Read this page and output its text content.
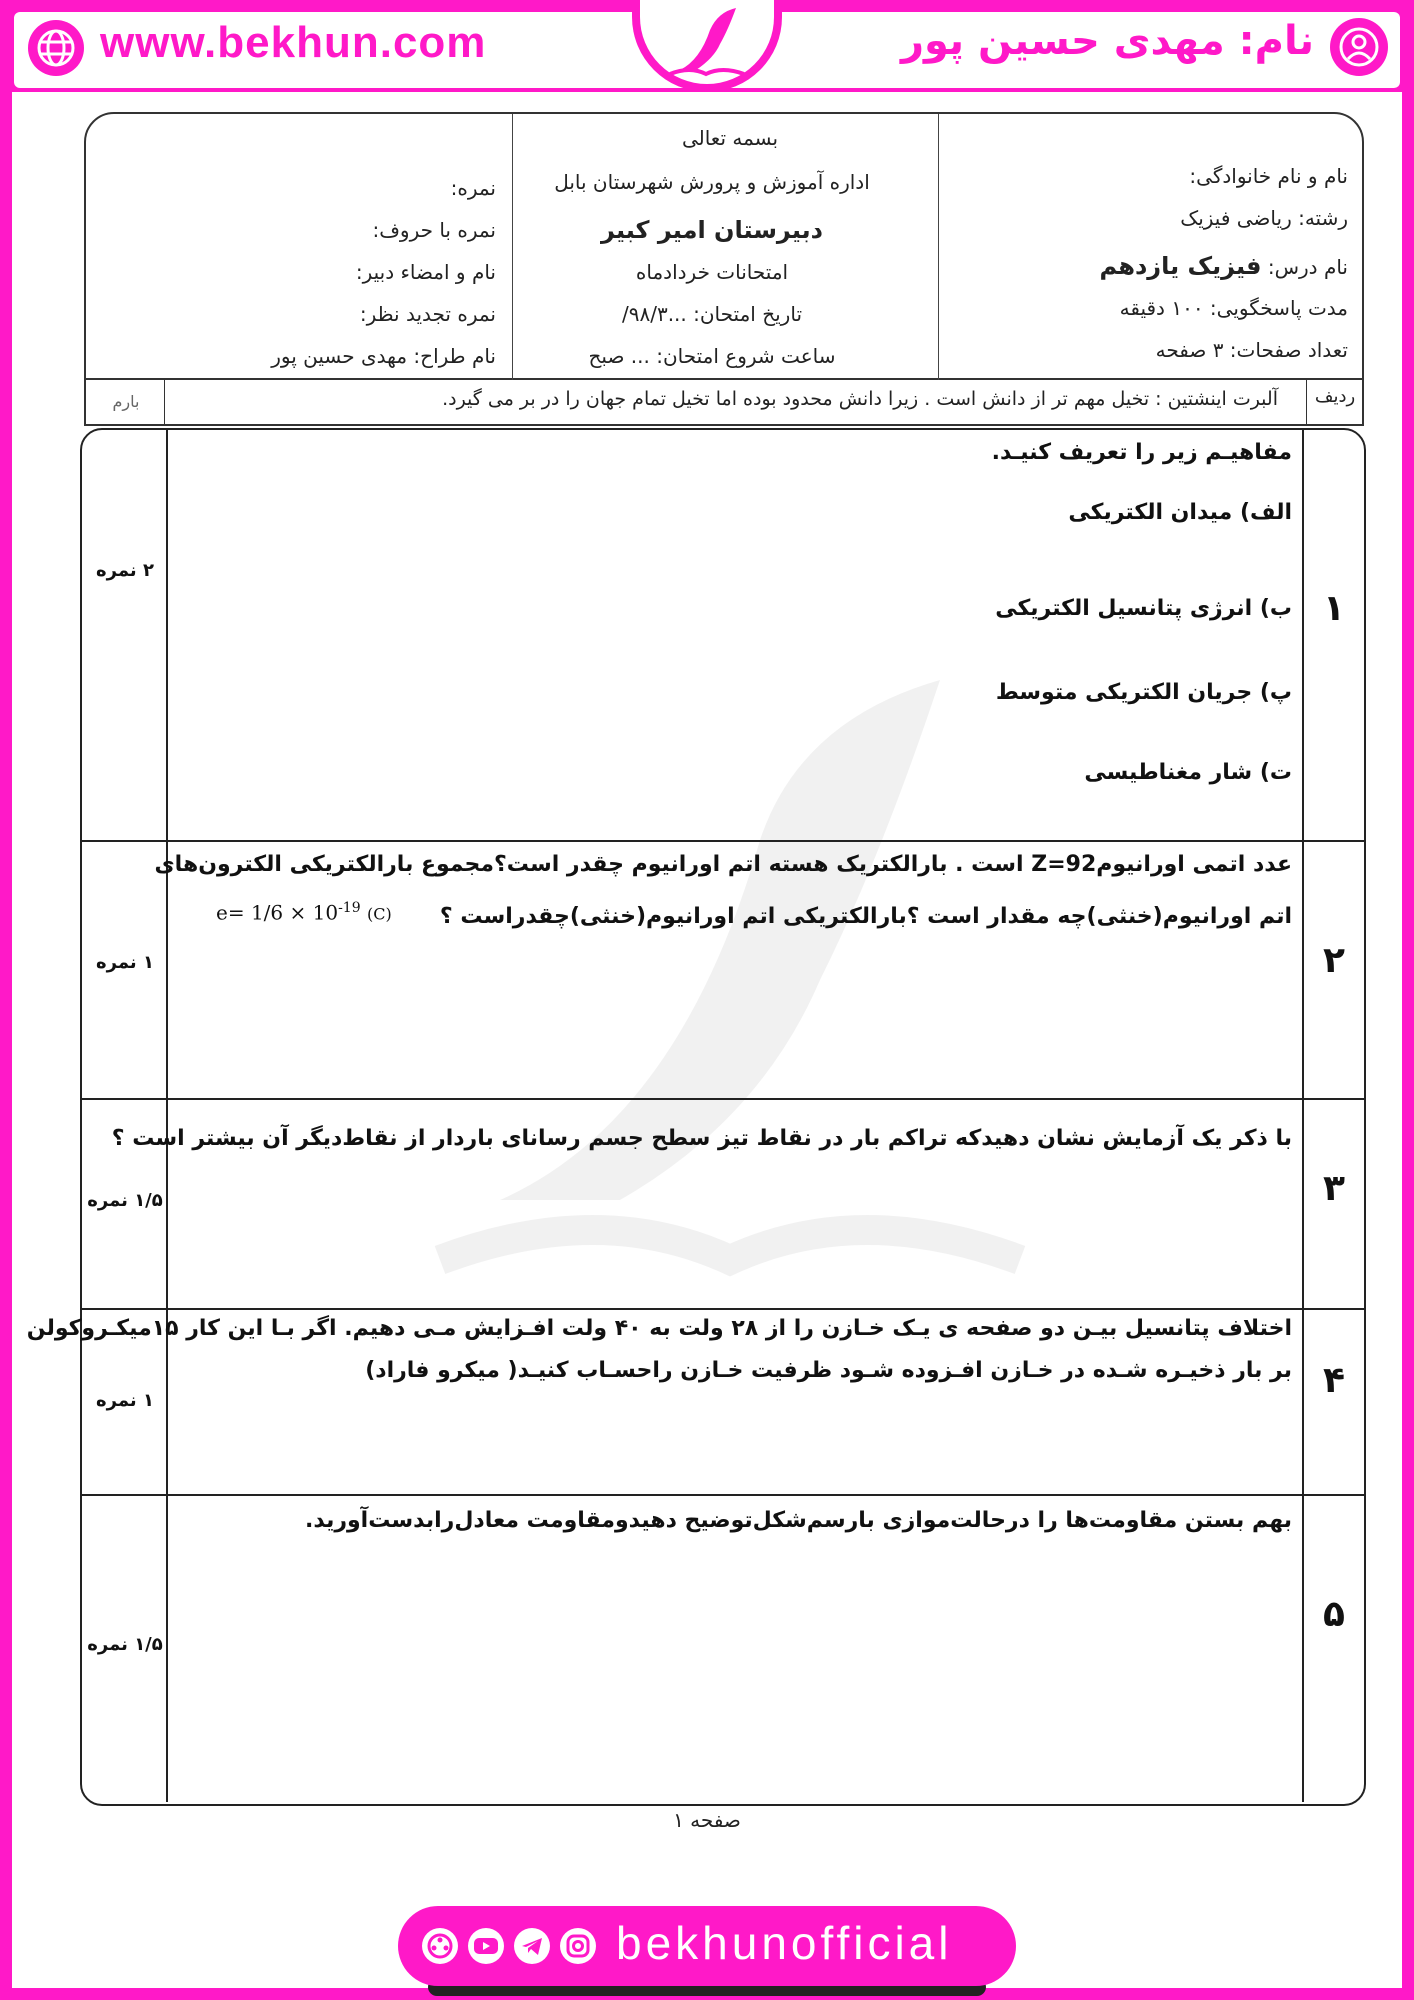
www.bekhun.com	نام: مهدی حسین پور
بسمه تعالی
اداره آموزش و پرورش شهرستان بابل
دبیرستان امیر کبیر
امتحانات خردادماه
تاریخ امتحان: ...۹۸/۳/
ساعت شروع امتحان: ... صبح
نام و نام خانوادگی:
رشته: ریاضی فیزیک
نام درس: فیزیک یازدهم
مدت پاسخگویی: ۱۰۰ دقیقه
تعداد صفحات: ۳ صفحه
نمره:
نمره با حروف:
نام و امضاء دبیر:
نمره تجدید نظر:
نام طراح: مهدی حسین پور
ردیف
آلبرت اینشتین : تخیل مهم تر از دانش است . زیرا دانش محدود بوده اما تخیل تمام جهان را در بر می گیرد.
بارم
۱
۲ نمره
مفاهیـم زیر را تعریف کنیـد.
الف) میدان الکتریکی
ب) انرژی پتانسیل الکتریکی
پ) جریان الکتریکی متوسط
ت) شار مغناطیسی
۲
۱ نمره
عدد اتمی اورانیومZ=92 است . بارالکتریک هسته اتم اورانیوم چقدر است؟مجموع بارالکتریکی الکترون‌های
اتم اورانیوم(خنثی)چه مقدار است ؟بارالکتریکی اتم اورانیوم(خنثی)چقدراست ؟
$e= 1/6 \times 10^{-19}$ (C)
۳
۱/۵ نمره
با ذکر یک آزمایش نشان دهیدکه تراکم بار در نقاط تیز سطح جسم رسانای باردار از نقاط‌دیگر آن بیشتر است ؟
۴
۱ نمره
اختلاف پتانسیل بیـن دو صفحه ی یـک خـازن را از ۲۸ ولت به ۴۰ ولت افـزایش مـی دهیم. اگر بـا این کار ۱۵میکـروکولن
بر بار ذخیـره شـده در خـازن افـزوده شـود ظرفیت خـازن راحسـاب کنیـد( میکرو فاراد)
۵
۱/۵ نمره
بهم بستن مقاومت‌ها را درحالت‌موازی بارسم‌شکل‌توضیح دهیدومقاومت معادل‌رابدست‌آورید.
صفحه ۱
bekhunofficial
